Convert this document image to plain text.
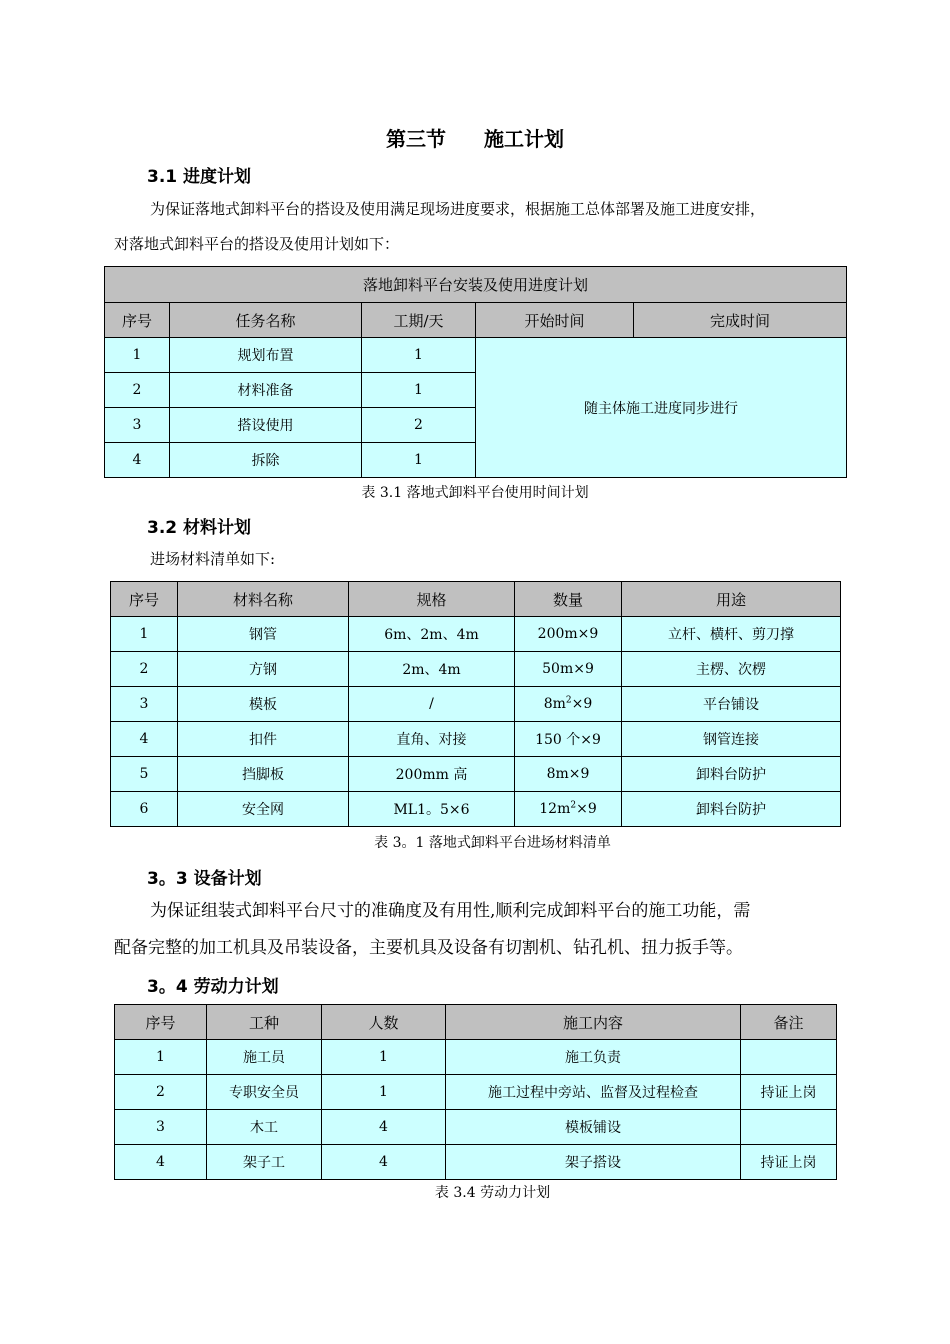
第三节 施工计划
3.1 进度计划
为保证落地式卸料平台的搭设及使用满足现场进度要求，根据施工总体部署及施工进度安排，
对落地式卸料平台的搭设及使用计划如下：
落地卸料平台安装及使用进度计划				
序号	任务名称	工期/天	开始时间	完成时间
1	规划布置	1	随主体施工进度同步进行	
2	材料准备	1		
3	搭设使用	2		
4	拆除	1		
表 3.1 落地式卸料平台使用时间计划
3.2 材料计划
进场材料清单如下:
序号	材料名称	规格	数量	用途
1	钢管	6m、2m、4m	200m×9	立杆、横杆、剪刀撑
2	方钢	2m、4m	50m×9	主楞、次楞
3	模板	/	$8m^2\times 9$	平台铺设
4	扣件	直角、对接	150 个×9	钢管连接
5	挡脚板	200mm 高	8m×9	卸料台防护
6	安全网	ML1。5×6	$12m^2\times 9$	卸料台防护
表 3。1 落地式卸料平台进场材料清单
3。3 设备计划
为保证组装式卸料平台尺寸的准确度及有用性,顺利完成卸料平台的施工功能，需
配备完整的加工机具及吊装设备，主要机具及设备有切割机、钻孔机、扭力扳手等。
3。4 劳动力计划
序号	工种	人数	施工内容	备注
1	施工员	1	施工负责	
2	专职安全员	1	施工过程中旁站、监督及过程检查	持证上岗
3	木工	4	模板铺设	
4	架子工	4	架子搭设	持证上岗
表 3.4 劳动力计划
